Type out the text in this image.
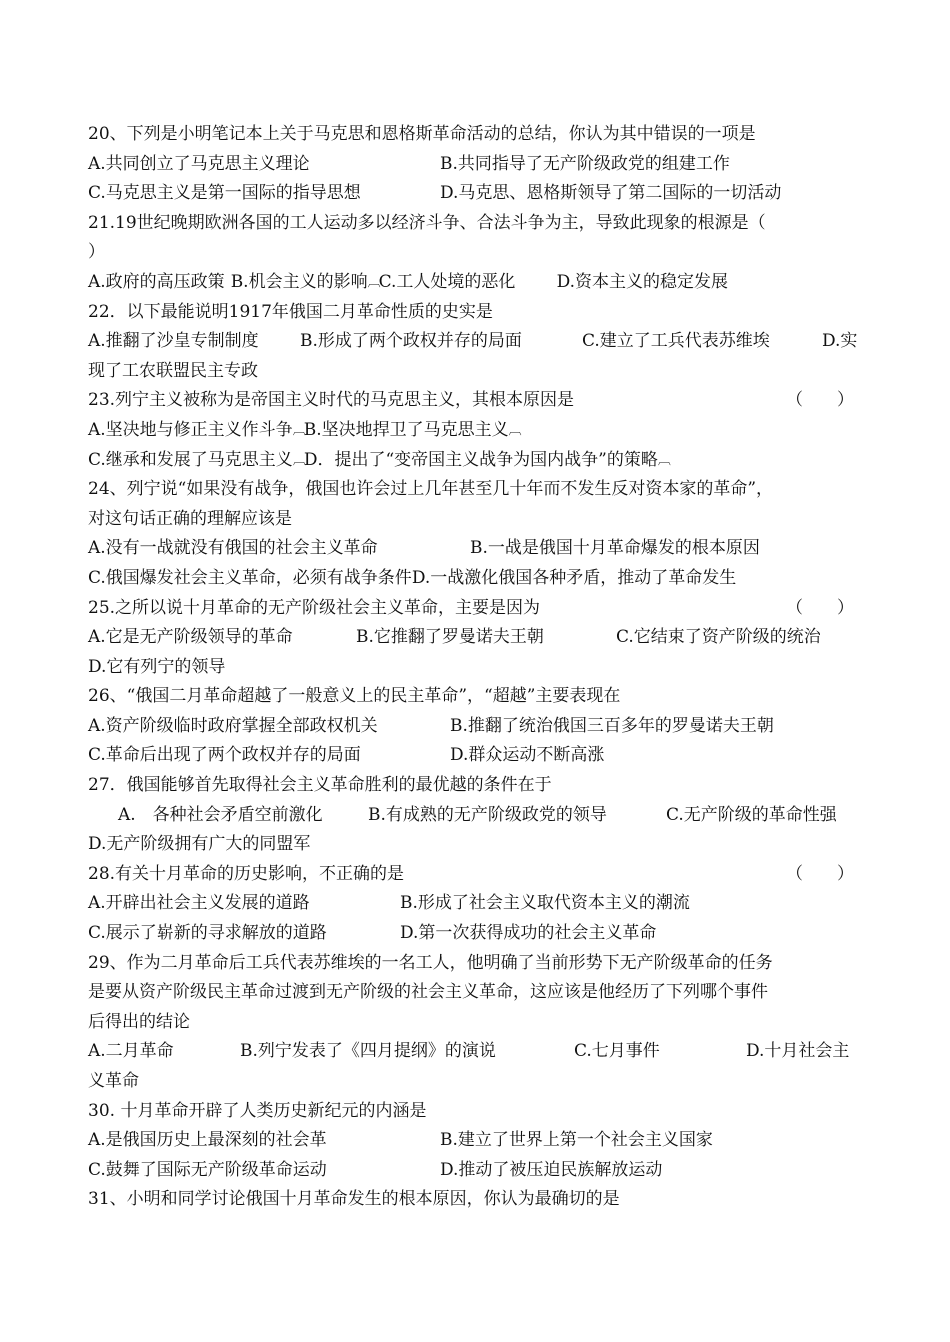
20、下列是小明笔记本上关于马克思和恩格斯革命活动的总结，你认为其中错误的一项是
A.共同创立了马克思主义理论	B.共同指导了无产阶级政党的组建工作
C.马克思主义是第一国际的指导思想	D.马克思、恩格斯领导了第二国际的一切活动
21.19世纪晚期欧洲各国的工人运动多以经济斗争、合法斗争为主，导致此现象的根源是（
）
A.政府的高压政策 B.机会主义的影响 ︹ C.工人处境的恶化	D.资本主义的稳定发展
22．以下最能说明1917年俄国二月革命性质的史实是
A.推翻了沙皇专制制度	B.形成了两个政权并存的局面	C.建立了工兵代表苏维埃	D.实
现了工农联盟民主专政
23.列宁主义被称为是帝国主义时代的马克思主义，其根本原因是	（　　）
A.坚决地与修正主义作斗争 ︹ B.坚决地捍卫了马克思主义 ︹
C.继承和发展了马克思主义 ︹ D．提出了“变帝国主义战争为国内战争”的策略 ︹
24、列宁说“如果没有战争，俄国也许会过上几年甚至几十年而不发生反对资本家的革命”，
对这句话正确的理解应该是
A.没有一战就没有俄国的社会主义革命	B.一战是俄国十月革命爆发的根本原因
C.俄国爆发社会主义革命，必须有战争条件 D.一战激化俄国各种矛盾，推动了革命发生
25.之所以说十月革命的无产阶级社会主义革命，主要是因为	（　　）
A.它是无产阶级领导的革命	B.它推翻了罗曼诺夫王朝	C.它结束了资产阶级的统治
D.它有列宁的领导
26、“俄国二月革命超越了一般意义上的民主革命”，“超越”主要表现在
A.资产阶级临时政府掌握全部政权机关	B.推翻了统治俄国三百多年的罗曼诺夫王朝
C.革命后出现了两个政权并存的局面	D.群众运动不断高涨
27．俄国能够首先取得社会主义革命胜利的最优越的条件在于
A.　各种社会矛盾空前激化	B.有成熟的无产阶级政党的领导	C.无产阶级的革命性强
D.无产阶级拥有广大的同盟军
28.有关十月革命的历史影响，不正确的是	（　　）
A.开辟出社会主义发展的道路	B.形成了社会主义取代资本主义的潮流
C.展示了崭新的寻求解放的道路	D.第一次获得成功的社会主义革命
29、作为二月革命后工兵代表苏维埃的一名工人，他明确了当前形势下无产阶级革命的任务
是要从资产阶级民主革命过渡到无产阶级的社会主义革命，这应该是他经历了下列哪个事件
后得出的结论
A.二月革命	B.列宁发表了《四月提纲》的演说	C.七月事件	D.十月社会主
义革命
30. 十月革命开辟了人类历史新纪元的内涵是
A.是俄国历史上最深刻的社会革	B.建立了世界上第一个社会主义国家
C.鼓舞了国际无产阶级革命运动	D.推动了被压迫民族解放运动
31、小明和同学讨论俄国十月革命发生的根本原因，你认为最确切的是
